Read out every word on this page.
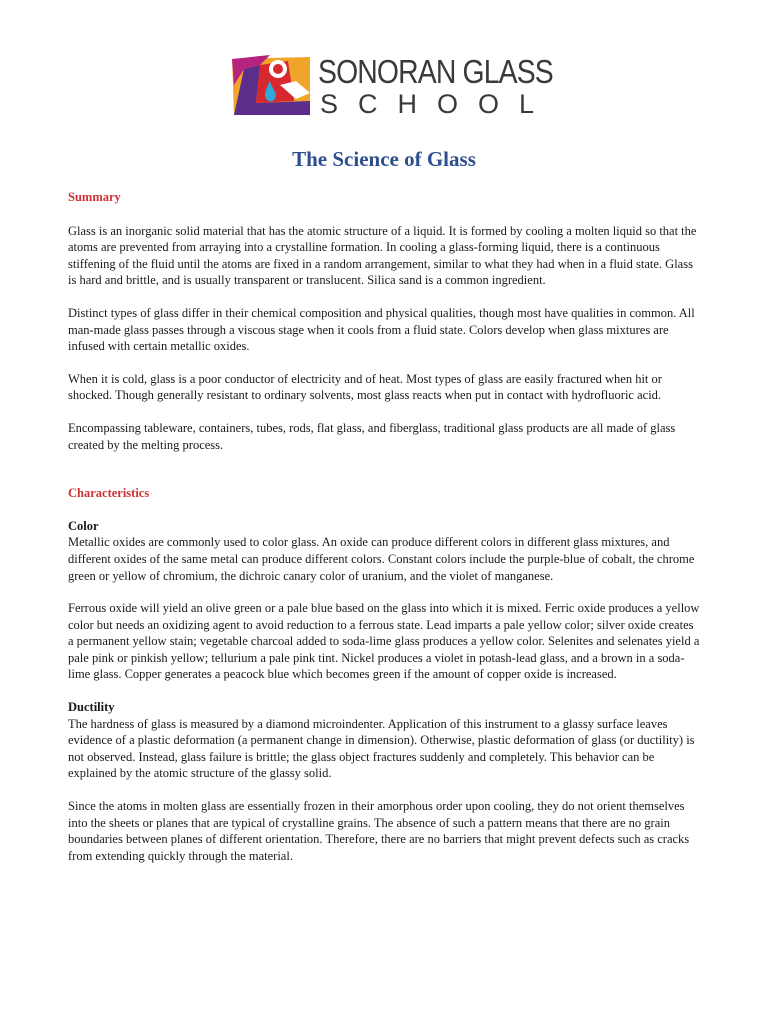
SONORAN GLASS
SCHOOL
The Science of Glass
Summary

Glass is an inorganic solid material that has the atomic structure of a liquid. It is formed by cooling a molten liquid so that the atoms are prevented from arraying into a crystalline formation. In cooling a glass-forming liquid, there is a continuous stiffening of the fluid until the atoms are fixed in a random arrangement, similar to what they had when in a fluid state. Glass is hard and brittle, and is usually transparent or translucent. Silica sand is a common ingredient.

Distinct types of glass differ in their chemical composition and physical qualities, though most have qualities in common. All man-made glass passes through a viscous stage when it cools from a fluid state. Colors develop when glass mixtures are infused with certain metallic oxides.

When it is cold, glass is a poor conductor of electricity and of heat. Most types of glass are easily fractured when hit or shocked. Though generally resistant to ordinary solvents, most glass reacts when put in contact with hydrofluoric acid.

Encompassing tableware, containers, tubes, rods, flat glass, and fiberglass, traditional glass products are all made of glass created by the melting process.

Characteristics
Color

Metallic oxides are commonly used to color glass. An oxide can produce different colors in different glass mixtures, and different oxides of the same metal can produce different colors. Constant colors include the purple-blue of cobalt, the chrome green or yellow of chromium, the dichroic canary color of uranium, and the violet of manganese.

Ferrous oxide will yield an olive green or a pale blue based on the glass into which it is mixed. Ferric oxide produces a yellow color but needs an oxidizing agent to avoid reduction to a ferrous state. Lead imparts a pale yellow color; silver oxide creates a permanent yellow stain; vegetable charcoal added to soda-lime glass produces a yellow color. Selenites and selenates yield a pale pink or pinkish yellow; tellurium a pale pink tint. Nickel produces a violet in potash-lead glass, and a brown in a soda-lime glass. Copper generates a peacock blue which becomes green if the amount of copper oxide is increased.

Ductility

The hardness of glass is measured by a diamond microindenter. Application of this instrument to a glassy surface leaves evidence of a plastic deformation (a permanent change in dimension). Otherwise, plastic deformation of glass (or ductility) is not observed. Instead, glass failure is brittle; the glass object fractures suddenly and completely. This behavior can be explained by the atomic structure of the glassy solid.

Since the atoms in molten glass are essentially frozen in their amorphous order upon cooling, they do not orient themselves into the sheets or planes that are typical of crystalline grains. The absence of such a pattern means that there are no grain boundaries between planes of different orientation. Therefore, there are no barriers that might prevent defects such as cracks from extending quickly through the material.
